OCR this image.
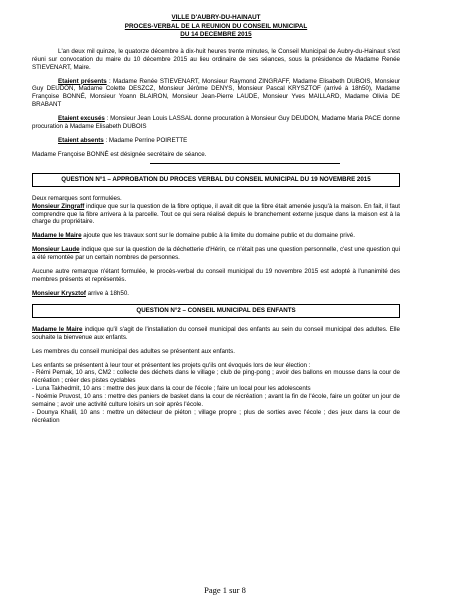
VILLE D'AUBRY-DU-HAINAUT
PROCES-VERBAL DE LA REUNION DU CONSEIL MUNICIPAL
DU 14 DECEMBRE 2015

L'an deux mil quinze, le quatorze décembre à dix-huit heures trente minutes, le Conseil Municipal de Aubry-du-Hainaut s'est réuni sur convocation du maire du 10 décembre 2015 au lieu ordinaire de ses séances, sous la présidence de Madame Renée STIEVENART, Maire.

Etaient présents : Madame Renée STIEVENART, Monsieur Raymond ZINGRAFF, Madame Elisabeth DUBOIS, Monsieur Guy DEUDON, Madame Colette DESZCZ, Monsieur Jérôme DENYS, Monsieur Pascal KRYSZTOF (arrivé à 18h50), Madame Françoise BONNÉ, Monsieur Yoann BLAIRON, Monsieur Jean-Pierre LAUDE, Monsieur Yves MAILLARD, Madame Olivia DE BRABANT

Etaient excusés : Monsieur Jean Louis LASSAL donne procuration à Monsieur Guy DEUDON, Madame Maria PACE donne procuration à Madame Elisabeth DUBOIS

Etaient absents : Madame Perrine POIRETTE

Madame Françoise BONNÉ est désignée secrétaire de séance.

QUESTION N°1 – APPROBATION DU PROCES VERBAL DU CONSEIL MUNICIPAL DU 19 NOVEMBRE 2015

Deux remarques sont formulées.

Monsieur Zingraff indique que sur la question de la fibre optique, il avait dit que la fibre était amenée jusqu'à la maison. En fait, il faut comprendre que la fibre arrivera à la parcelle. Tout ce qui sera réalisé depuis le branchement externe jusque dans la maison est à la charge du propriétaire.

Madame le Maire ajoute que les travaux sont sur le domaine public à la limite du domaine public et du domaine privé.

Monsieur Laude indique que sur la question de la déchetterie d'Hérin, ce n'était pas une question personnelle, c'est une question qui a été remontée par un certain nombres de personnes.

Aucune autre remarque n'étant formulée, le procès-verbal du conseil municipal du 19 novembre 2015 est adopté à l'unanimité des membres présents et représentés.

Monsieur Krysztof arrive à 18h50.

QUESTION N°2 – CONSEIL MUNICIPAL DES ENFANTS

Madame le Maire indique qu'il s'agit de l'installation du conseil municipal des enfants au sein du conseil municipal des adultes. Elle souhaite la bienvenue aux enfants.

Les membres du conseil municipal des adultes se présentent aux enfants.

Les enfants se présentent à leur tour et présentent les projets qu'ils ont évoqués lors de leur élection :

- Rémi Pernak, 10 ans, CM2 : collecte des déchets dans le village ; club de ping-pong ; avoir des ballons en mousse dans la cour de récréation ; créer des pistes cyclables

- Luna Takhedmit, 10 ans : mettre des jeux dans la cour de l'école ; faire un local pour les adolescents

- Noémie Pruvost, 10 ans : mettre des paniers de basket dans la cour de récréation ; avant la fin de l'école, faire un goûter un jour de semaine ; avoir une activité culture loisirs un soir après l'école.

- Dounya Khalil, 10 ans : mettre un détecteur de piéton ; village propre ; plus de sorties avec l'école ; des jeux dans la cour de récréation

Page 1 sur 8
